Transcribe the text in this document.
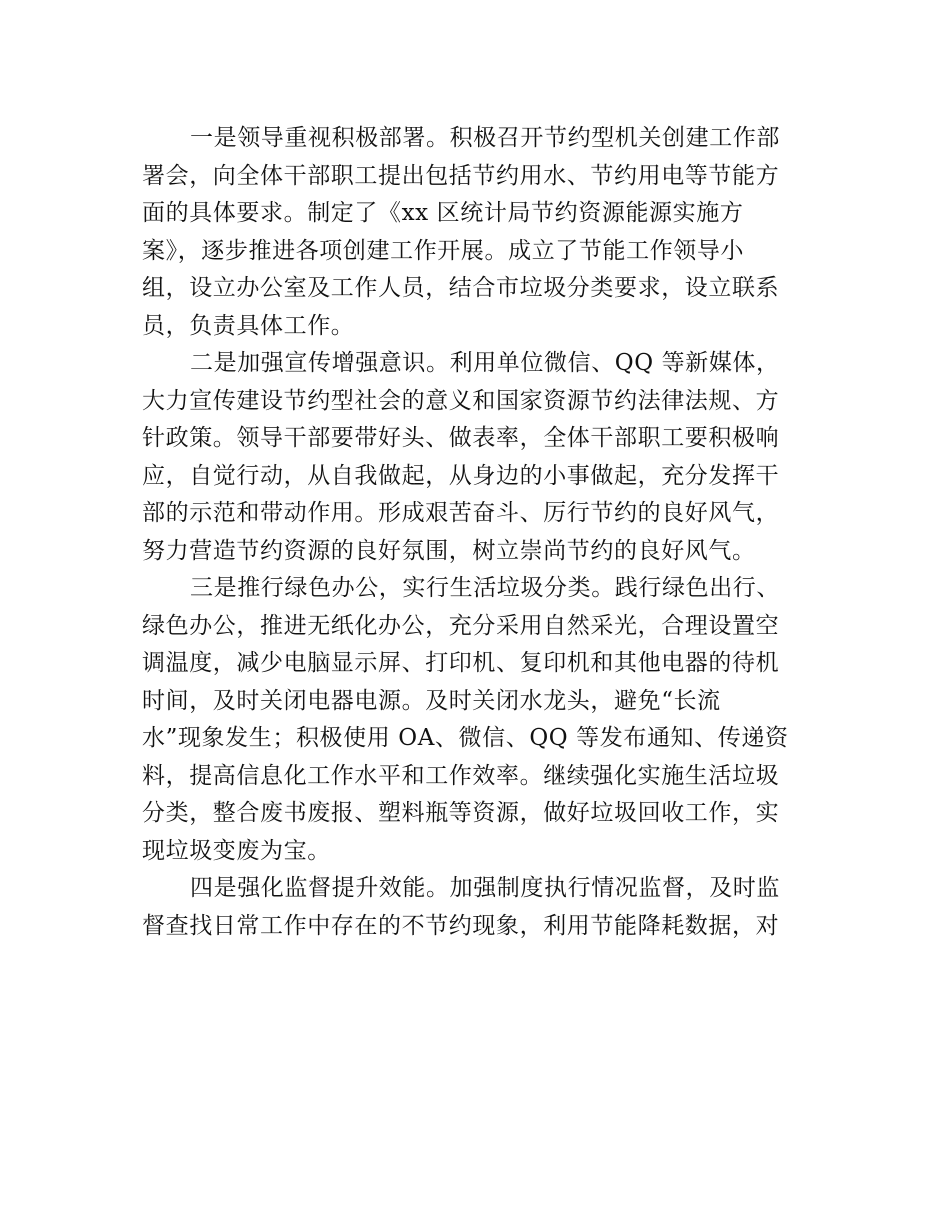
一是领导重视积极部署。积极召开节约型机关创建工作部
署会，向全体干部职工提出包括节约用水、节约用电等节能方
面的具体要求。制定了《xx 区统计局节约资源能源实施方
案》，逐步推进各项创建工作开展。成立了节能工作领导小
组，设立办公室及工作人员，结合市垃圾分类要求，设立联系
员，负责具体工作。
二是加强宣传增强意识。利用单位微信、QQ 等新媒体，
大力宣传建设节约型社会的意义和国家资源节约法律法规、方
针政策。领导干部要带好头、做表率，全体干部职工要积极响
应，自觉行动，从自我做起，从身边的小事做起，充分发挥干
部的示范和带动作用。形成艰苦奋斗、厉行节约的良好风气，
努力营造节约资源的良好氛围，树立崇尚节约的良好风气。
三是推行绿色办公，实行生活垃圾分类。践行绿色出行、
绿色办公，推进无纸化办公，充分采用自然采光，合理设置空
调温度，减少电脑显示屏、打印机、复印机和其他电器的待机
时间，及时关闭电器电源。及时关闭水龙头，避免“长流
水”现象发生；积极使用 OA、微信、QQ 等发布通知、传递资
料，提高信息化工作水平和工作效率。继续强化实施生活垃圾
分类，整合废书废报、塑料瓶等资源，做好垃圾回收工作，实
现垃圾变废为宝。
四是强化监督提升效能。加强制度执行情况监督，及时监
督查找日常工作中存在的不节约现象，利用节能降耗数据，对
